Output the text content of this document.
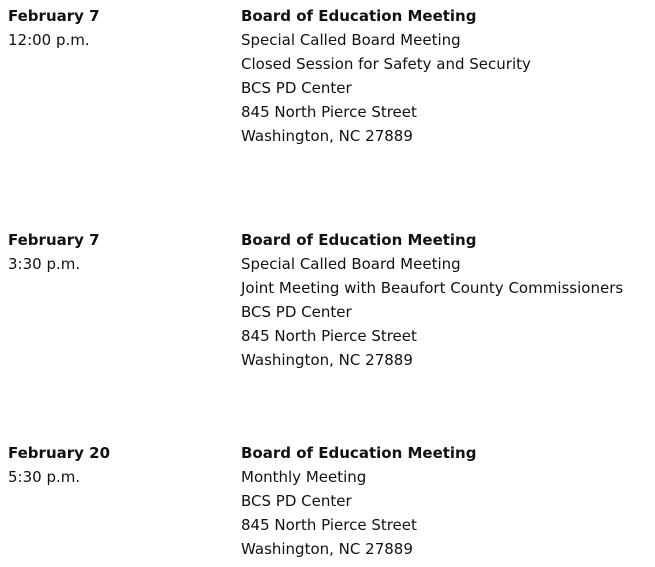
February 7
12:00 p.m.
Board of Education Meeting
Special Called Board Meeting
Closed Session for Safety and Security
BCS PD Center
845 North Pierce Street
Washington, NC 27889
February 7
3:30 p.m.
Board of Education Meeting
Special Called Board Meeting
Joint Meeting with Beaufort County Commissioners
BCS PD Center
845 North Pierce Street
Washington, NC 27889
February 20
5:30 p.m.
Board of Education Meeting
Monthly Meeting
BCS PD Center
845 North Pierce Street
Washington, NC 27889
